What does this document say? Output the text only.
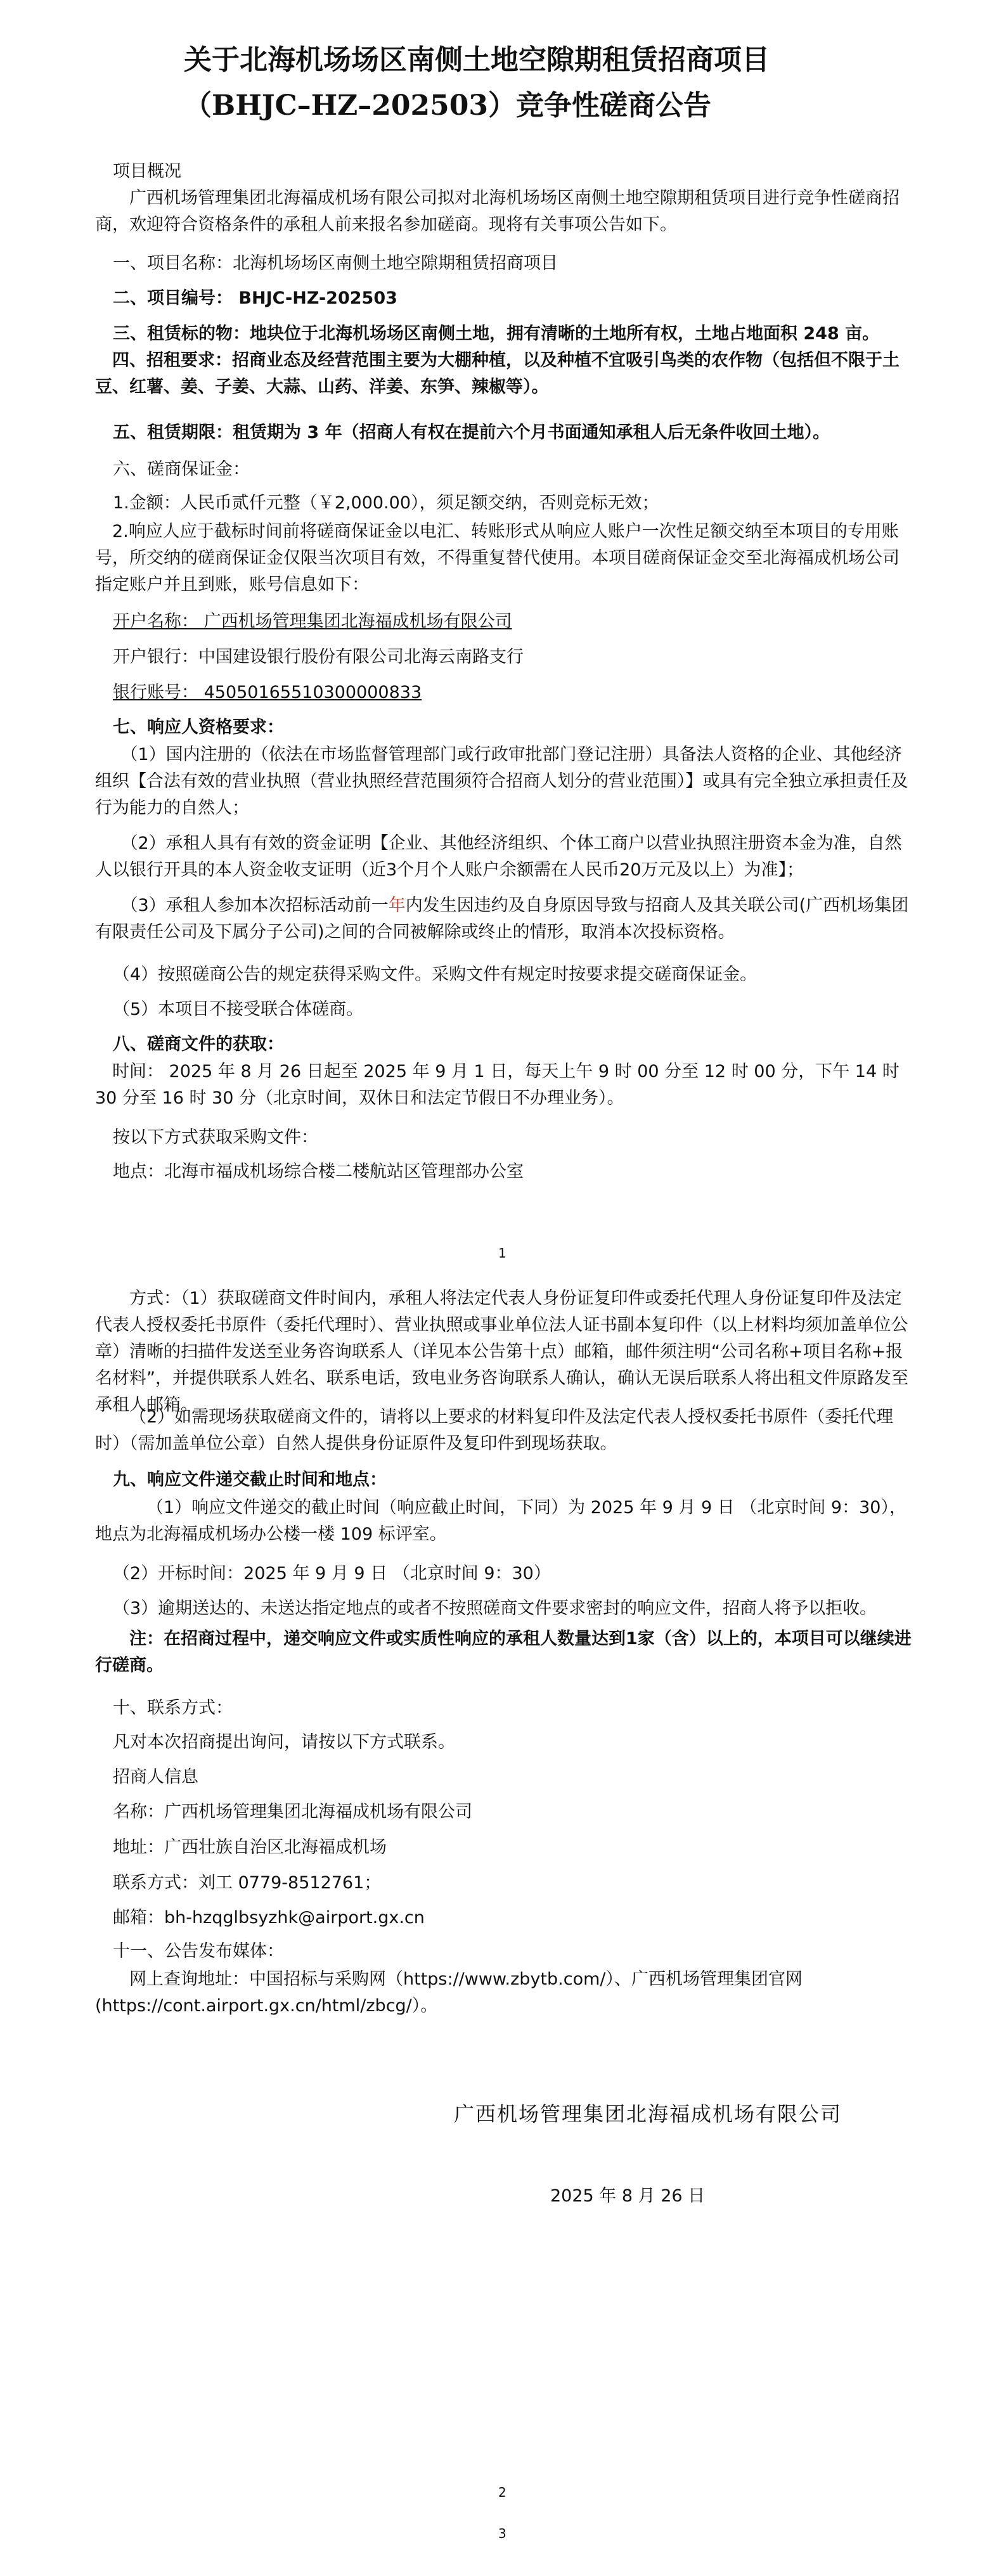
关于北海机场场区南侧土地空隙期租赁招商项目
（BHJC–HZ–202503）竞争性磋商公告
项目概况
广西机场管理集团北海福成机场有限公司拟对北海机场场区南侧土地空隙期租赁项目进行竞争性磋商招商，欢迎符合资格条件的承租人前来报名参加磋商。现将有关事项公告如下。
一、项目名称：北海机场场区南侧土地空隙期租赁招商项目
二、项目编号： BHJC-HZ-202503
三、租赁标的物：地块位于北海机场场区南侧土地，拥有清晰的土地所有权，土地占地面积 248 亩。
四、招租要求：招商业态及经营范围主要为大棚种植，以及种植不宜吸引鸟类的农作物（包括但不限于土豆、红薯、姜、子姜、大蒜、山药、洋姜、东笋、辣椒等）。
五、租赁期限：租赁期为 3 年（招商人有权在提前六个月书面通知承租人后无条件收回土地）。
六、磋商保证金：
1.金额：人民币贰仟元整（￥2,000.00），须足额交纳，否则竞标无效；
2.响应人应于截标时间前将磋商保证金以电汇、转账形式从响应人账户一次性足额交纳至本项目的专用账号，所交纳的磋商保证金仅限当次项目有效，不得重复替代使用。本项目磋商保证金交至北海福成机场公司指定账户并且到账，账号信息如下：
开户名称： 广西机场管理集团北海福成机场有限公司
开户银行：中国建设银行股份有限公司北海云南路支行
银行账号： 45050165510300000833
七、响应人资格要求：
（1）国内注册的（依法在市场监督管理部门或行政审批部门登记注册）具备法人资格的企业、其他经济组织【合法有效的营业执照（营业执照经营范围须符合招商人划分的营业范围）】或具有完全独立承担责任及行为能力的自然人；
（2）承租人具有有效的资金证明【企业、其他经济组织、个体工商户以营业执照注册资本金为准，自然人以银行开具的本人资金收支证明（近3个月个人账户余额需在人民币20万元及以上）为准】；
（3）承租人参加本次招标活动前一年内发生因违约及自身原因导致与招商人及其关联公司(广西机场集团有限责任公司及下属分子公司)之间的合同被解除或终止的情形，取消本次投标资格。
（4）按照磋商公告的规定获得采购文件。采购文件有规定时按要求提交磋商保证金。
（5）本项目不接受联合体磋商。
八、磋商文件的获取：
时间： 2025 年 8 月 26 日起至 2025 年 9 月 1 日，每天上午 9 时 00 分至 12 时 00 分，下午 14 时 30 分至 16 时 30 分（北京时间，双休日和法定节假日不办理业务）。
按以下方式获取采购文件：
地点：北海市福成机场综合楼二楼航站区管理部办公室
1
方式：（1）获取磋商文件时间内，承租人将法定代表人身份证复印件或委托代理人身份证复印件及法定代表人授权委托书原件（委托代理时）、营业执照或事业单位法人证书副本复印件（以上材料均须加盖单位公章）清晰的扫描件发送至业务咨询联系人（详见本公告第十点）邮箱，邮件须注明“公司名称+项目名称+报名材料”，并提供联系人姓名、联系电话，致电业务咨询联系人确认，确认无误后联系人将出租文件原路发至承租人邮箱。
（2）如需现场获取磋商文件的，请将以上要求的材料复印件及法定代表人授权委托书原件（委托代理时）（需加盖单位公章）自然人提供身份证原件及复印件到现场获取。
九、响应文件递交截止时间和地点：
（1）响应文件递交的截止时间（响应截止时间，下同）为 2025 年 9 月 9 日 （北京时间 9：30），地点为北海福成机场办公楼一楼 109 标评室。
（2）开标时间：2025 年 9 月 9 日 （北京时间 9：30）
（3）逾期送达的、未送达指定地点的或者不按照磋商文件要求密封的响应文件，招商人将予以拒收。
注：在招商过程中，递交响应文件或实质性响应的承租人数量达到1家（含）以上的，本项目可以继续进行磋商。
十、联系方式：
凡对本次招商提出询问，请按以下方式联系。
招商人信息
名称：广西机场管理集团北海福成机场有限公司
地址：广西壮族自治区北海福成机场
联系方式：刘工 0779-8512761；
邮箱：bh-hzqglbsyzhk@airport.gx.cn
十一、公告发布媒体：
网上查询地址：中国招标与采购网（https://www.zbytb.com/）、广西机场管理集团官网(https://cont.airport.gx.cn/html/zbcg/）。
广西机场管理集团北海福成机场有限公司
2025 年 8 月 26 日
2
3
